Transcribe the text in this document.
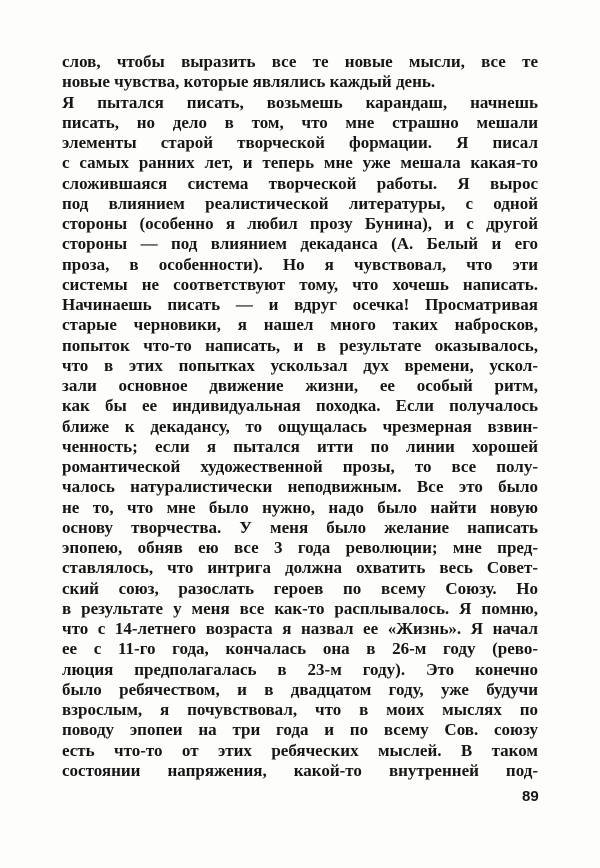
слов, чтобы выразить все те новые мысли, все те
новые чувства, которые являлись каждый день.
Я пытался писать, возьмешь карандаш, начнешь
писать, но дело в том, что мне страшно мешали
элементы старой творческой формации. Я писал
с самых ранних лет, и теперь мне уже мешала какая-то
сложившаяся система творческой работы. Я вырос
под влиянием реалистической литературы, с одной
стороны (особенно я любил прозу Бунина), и с другой
стороны — под влиянием декаданса (А. Белый и его
проза, в особенности). Но я чувствовал, что эти
системы не соответствуют тому, что хочешь написать.
Начинаешь писать — и вдруг осечка! Просматривая
старые черновики, я нашел много таких набросков,
попыток что-то написать, и в результате оказывалось,
что в этих попытках ускользал дух времени, ускол-
зали основное движение жизни, ее особый ритм,
как бы ее индивидуальная походка. Если получалось
ближе к декадансу, то ощущалась чрезмерная взвин-
ченность; если я пытался итти по линии хорошей
романтической художественной прозы, то все полу-
чалось натуралистически неподвижным. Все это было
не то, что мне было нужно, надо было найти новую
основу творчества. У меня было желание написать
эпопею, обняв ею все 3 года революции; мне пред-
ставлялось, что интрига должна охватить весь Совет-
ский союз, разослать героев по всему Союзу. Но
в результате у меня все как-то расплывалось. Я помню,
что с 14-летнего возраста я назвал ее «Жизнь». Я начал
ее с 11-го года, кончалась она в 26-м году (рево-
люция предполагалась в 23-м году). Это конечно
было ребячеством, и в двадцатом году, уже будучи
взрослым, я почувствовал, что в моих мыслях по
поводу эпопеи на три года и по всему Сов. союзу
есть что-то от этих ребяческих мыслей. В таком
состоянии напряжения, какой-то внутренней под-
89
